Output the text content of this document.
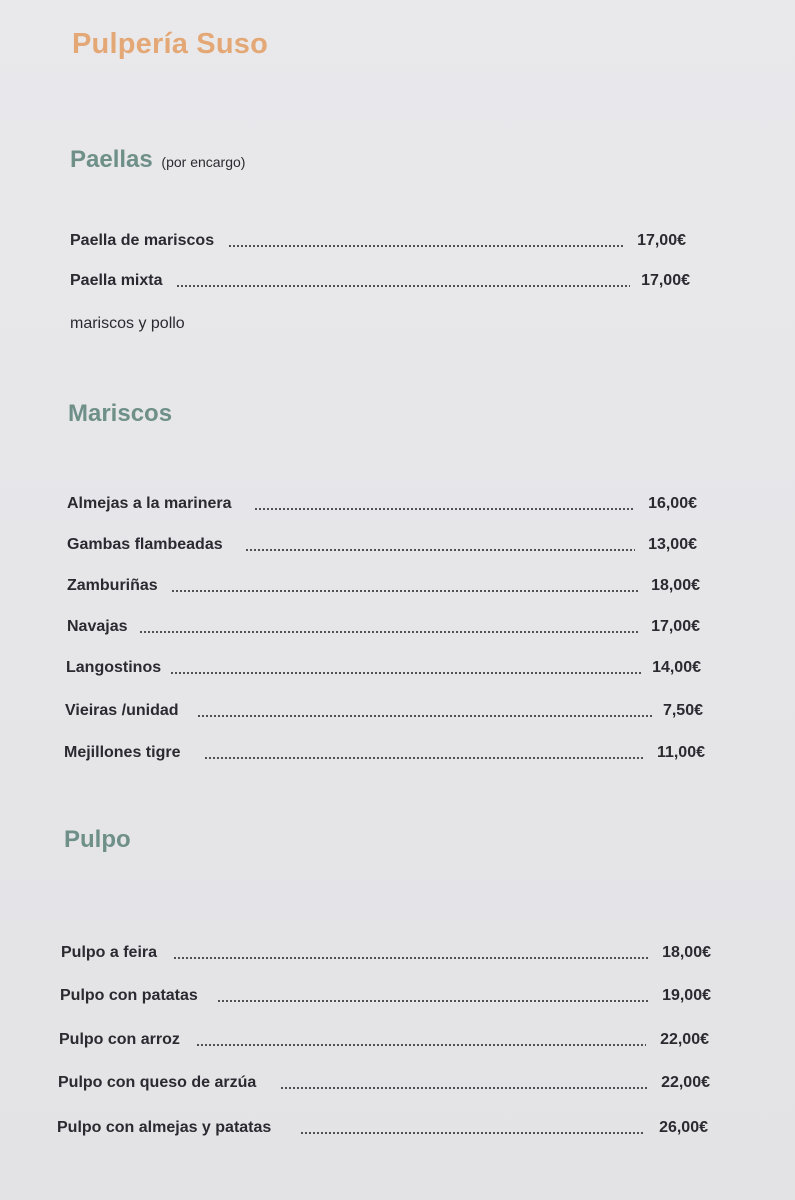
Pulpería Suso
Paellas (por encargo)
Paella de mariscos	17,00€
Paella mixta	17,00€
mariscos y pollo
Mariscos
Almejas a la marinera	16,00€
Gambas flambeadas	13,00€
Zamburiñas	18,00€
Navajas	17,00€
Langostinos	14,00€
Vieiras /unidad	7,50€
Mejillones tigre	11,00€
Pulpo
Pulpo a feira	18,00€
Pulpo con patatas	19,00€
Pulpo con arroz	22,00€
Pulpo con queso de arzúa	22,00€
Pulpo con almejas y patatas	26,00€
